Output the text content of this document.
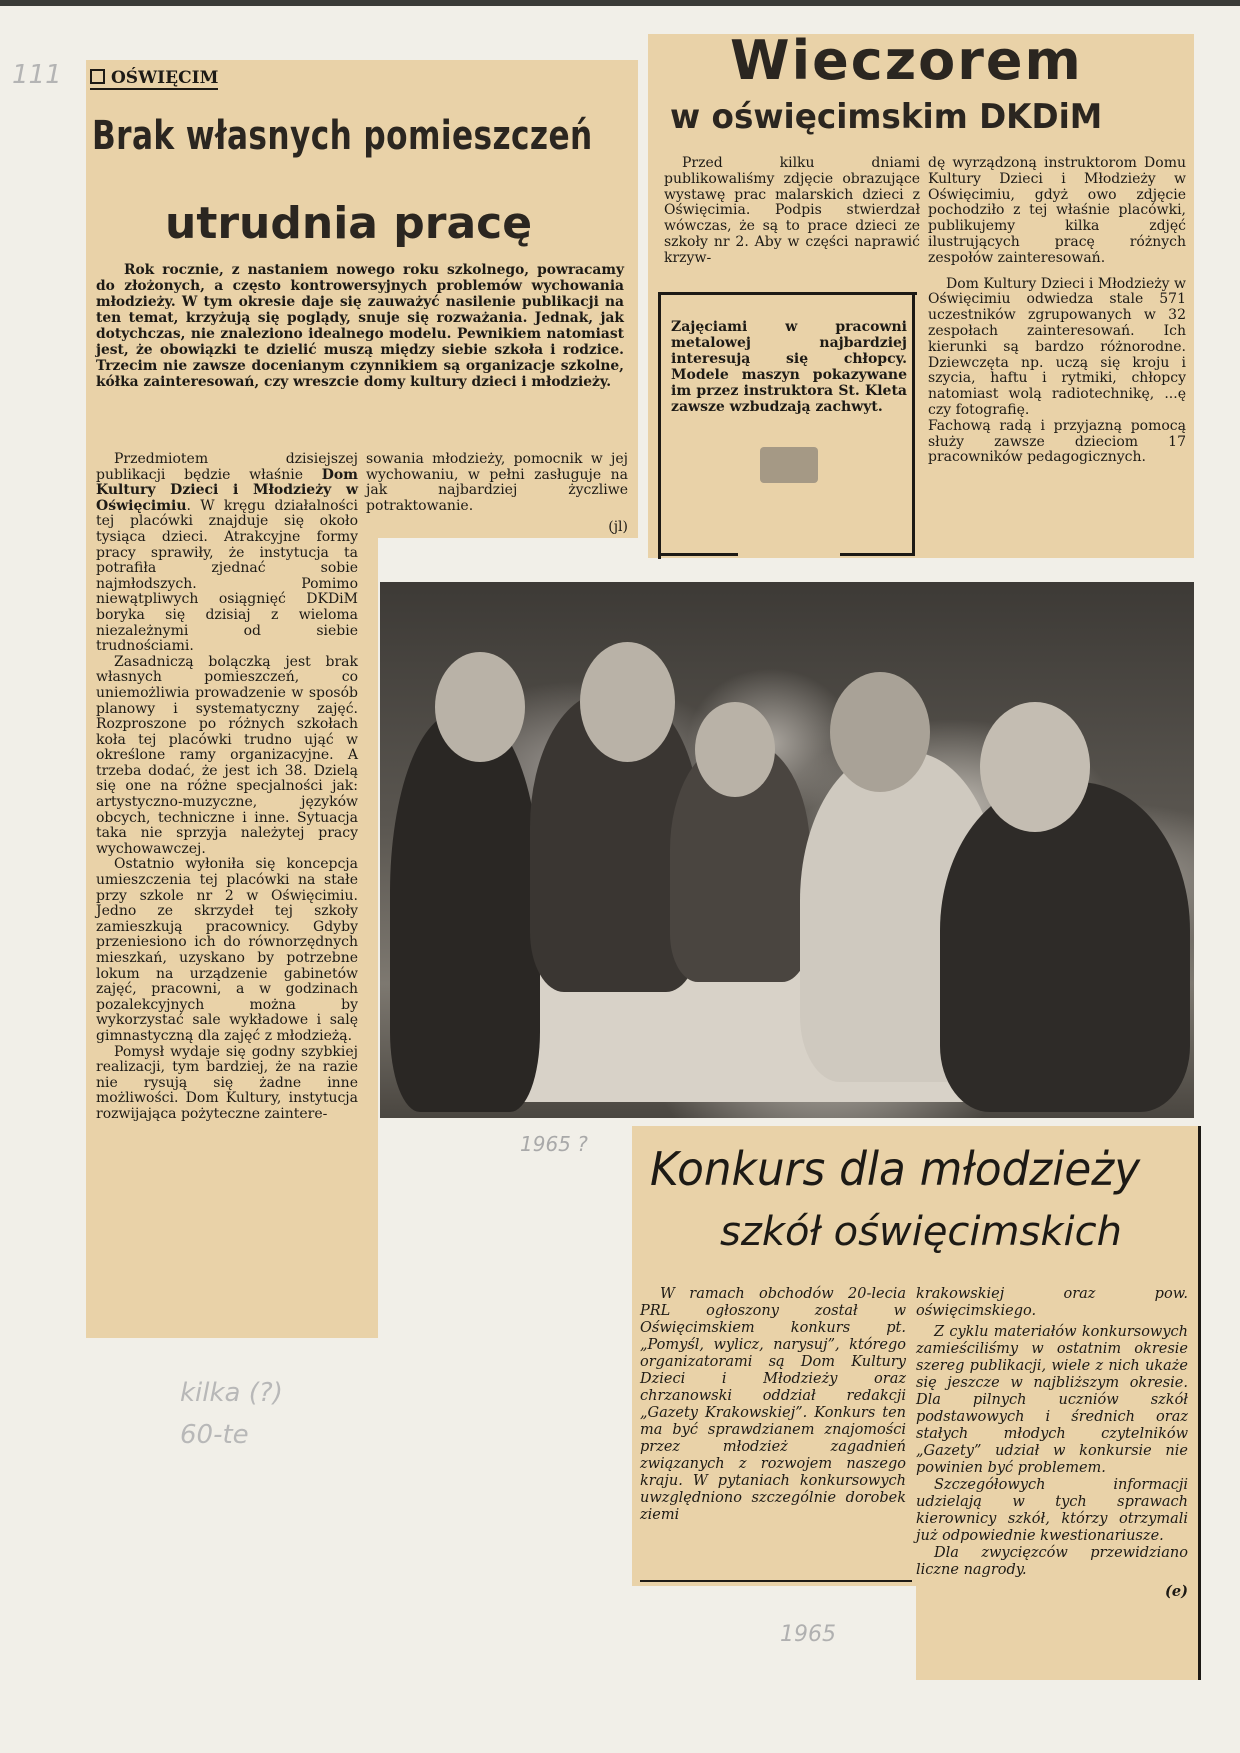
111
1965 ?
kilka (?)
60-te
1965
OŚWIĘCIM
Brak własnych pomieszczeń
utrudnia pracę

Rok rocznie, z nastaniem nowego roku szkolnego, powracamy do złożonych, a często kontrowersyjnych problemów wychowania młodzieży. W tym okresie daje się zauważyć nasilenie publikacji na ten temat, krzyżują się poglądy, snuje się rozważania. Jednak, jak dotychczas, nie znaleziono idealnego modelu. Pewnikiem natomiast jest, że obowiązki te dzielić muszą między siebie szkoła i rodzice. Trzecim nie zawsze docenianym czynnikiem są organizacje szkolne, kółka zainteresowań, czy wreszcie domy kultury dzieci i młodzieży.

Przedmiotem dzisiejszej publikacji będzie właśnie Dom Kultury Dzieci i Młodzieży w Oświęcimiu. W kręgu działalności tej placówki znajduje się około tysiąca dzieci. Atrakcyjne formy pracy sprawiły, że instytucja ta potrafiła zjednać sobie najmłodszych. Pomimo niewątpliwych osiągnięć DKDiM boryka się dzisiaj z wieloma niezależnymi od siebie trudnościami.

Zasadniczą bolączką jest brak własnych pomieszczeń, co uniemożliwia prowadzenie w sposób planowy i systematyczny zajęć. Rozproszone po różnych szkołach koła tej placówki trudno ująć w określone ramy organizacyjne. A trzeba dodać, że jest ich 38. Dzielą się one na różne specjalności jak: artystyczno-muzyczne, języków obcych, techniczne i inne. Sytuacja taka nie sprzyja należytej pracy wychowawczej.

Ostatnio wyłoniła się koncepcja umieszczenia tej placówki na stałe przy szkole nr 2 w Oświęcimiu. Jedno ze skrzydeł tej szkoły zamieszkują pracownicy. Gdyby przeniesiono ich do równorzędnych mieszkań, uzyskano by potrzebne lokum na urządzenie gabinetów zajęć, pracowni, a w godzinach pozalekcyjnych można by wykorzystać sale wykładowe i salę gimnastyczną dla zajęć z młodzieżą.

Pomysł wydaje się godny szybkiej realizacji, tym bardziej, że na razie nie rysują się żadne inne możliwości. Dom Kultury, instytucja rozwijająca pożyteczne zaintere-

sowania młodzieży, pomocnik w jej wychowaniu, w pełni zasługuje na jak najbardziej życzliwe potraktowanie.

(jl)

Wieczorem
w oświęcimskim DKDiM

Przed kilku dniami publikowaliśmy zdjęcie obrazujące wystawę prac malarskich dzieci z Oświęcimia. Podpis stwierdzał wówczas, że są to prace dzieci ze szkoły nr 2. Aby w części naprawić krzyw-

Zajęciami w pracowni metalowej najbardziej interesują się chłopcy. Modele maszyn pokazywane im przez instruktora St. Kleta zawsze wzbudzają zachwyt.

dę wyrządzoną instruktorom Domu Kultury Dzieci i Młodzieży w Oświęcimiu, gdyż owo zdjęcie pochodziło z tej właśnie placówki, publikujemy kilka zdjęć ilustrujących pracę różnych zespołów zainteresowań.

Dom Kultury Dzieci i Młodzieży w Oświęcimiu odwiedza stale 571 uczestników zgrupowanych w 32 zespołach zainteresowań. Ich kierunki są bardzo różnorodne. Dziewczęta np. uczą się kroju i szycia, haftu i rytmiki, chłopcy natomiast wolą radiotechnikę, ...ę czy fotografię.

Fachową radą i przyjazną pomocą służy zawsze dzieciom 17 pracowników pedagogicznych.

Konkurs dla młodzieży
szkół oświęcimskich

W ramach obchodów 20-lecia PRL ogłoszony został w Oświęcimskiem konkurs pt. „Pomyśl, wylicz, narysuj”, którego organizatorami są Dom Kultury Dzieci i Młodzieży oraz chrzanowski oddział redakcji „Gazety Krakowskiej”. Konkurs ten ma być sprawdzianem znajomości przez młodzież zagadnień związanych z rozwojem naszego kraju. W pytaniach konkursowych uwzględniono szczególnie dorobek ziemi

krakowskiej oraz pow. oświęcimskiego.

Z cyklu materiałów konkursowych zamieściliśmy w ostatnim okresie szereg publikacji, wiele z nich ukaże się jeszcze w najbliższym okresie. Dla pilnych uczniów szkół podstawowych i średnich oraz stałych młodych czytelników „Gazety” udział w konkursie nie powinien być problemem.

Szczegółowych informacji udzielają w tych sprawach kierownicy szkół, którzy otrzymali już odpowiednie kwestionariusze.

Dla zwycięzców przewidziano liczne nagrody.

(e)
